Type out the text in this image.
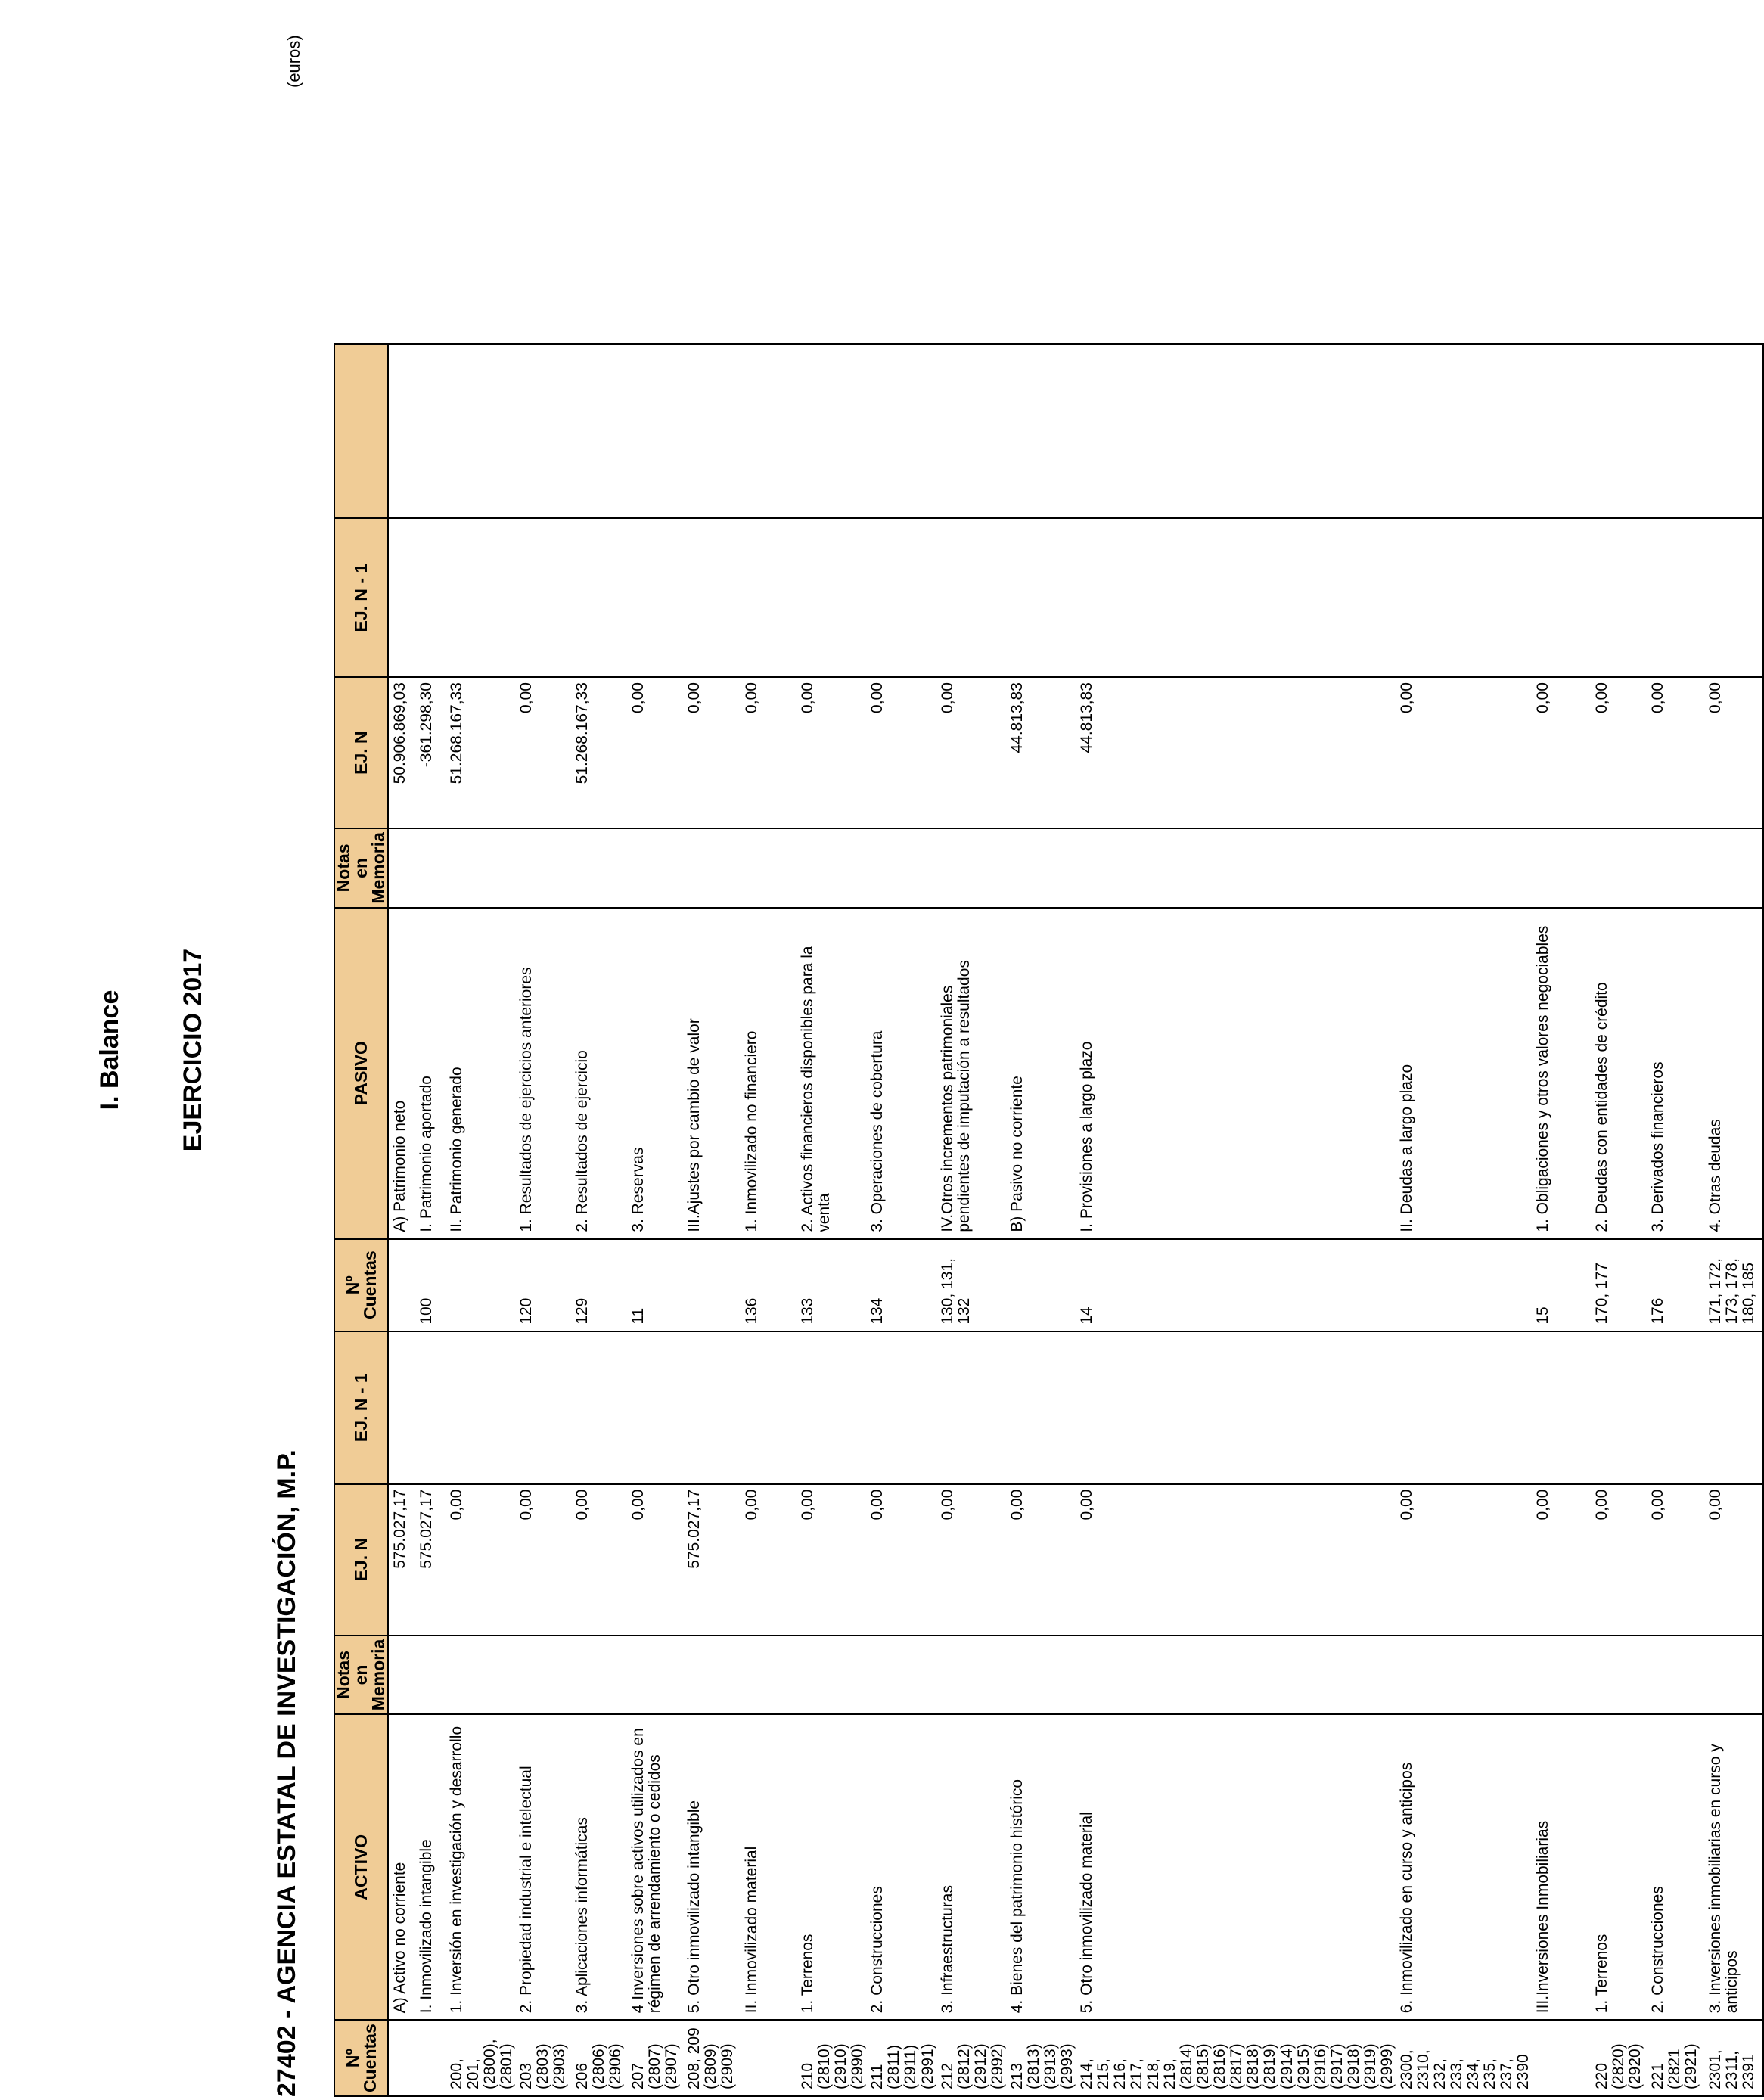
I. Balance EJERCICIO 2017
27402 - AGENCIA ESTATAL DE INVESTIGACIÓN, M.P.
(euros)
Nº Cuentas	ACTIVO	Notas en Memoria	EJ. N	EJ. N - 1	Nº Cuentas	PASIVO	Notas en Memoria	EJ. N	EJ. N - 1	
	A) Activo no corriente		575.027,17			A) Patrimonio neto		50.906.869,03		
	I. Inmovilizado intangible		575.027,17		100	I. Patrimonio aportado		-361.298,30		
200, 201, (2800), (2801)	1. Inversión en investigación y desarrollo		0,00			II. Patrimonio generado		51.268.167,33		
203 (2803) (2903)	2. Propiedad industrial e intelectual		0,00		120	1. Resultados de ejercicios anteriores		0,00		
206 (2806) (2906)	3. Aplicaciones informáticas		0,00		129	2. Resultados de ejercicio		51.268.167,33		
207 (2807) (2907)	4 Inversiones sobre activos utilizados en régimen de arrendamiento o cedidos		0,00		11	3. Reservas		0,00		
208, 209 (2809) (2909)	5. Otro inmovilizado intangible		575.027,17			III.Ajustes por cambio de valor		0,00		
	II. Inmovilizado material		0,00		136	1. Inmovilizado no financiero		0,00		
210 (2810) (2910) (2990)	1. Terrenos		0,00		133	2. Activos financieros disponibles para la venta		0,00		
211 (2811) (2911) (2991)	2. Construcciones		0,00		134	3. Operaciones de cobertura		0,00		
212 (2812) (2912) (2992)	3. Infraestructuras		0,00		130, 131, 132	IV.Otros incrementos patrimoniales pendientes de imputación a resultados		0,00		
213 (2813) (2913) (2993)	4. Bienes del patrimonio histórico		0,00			B) Pasivo no corriente		44.813,83		
214, 215, 216, 217, 218, 219, (2814) (2815) (2816) (2817) (2818) (2819) (2914) (2915) (2916) (2917) (2918) (2919) (2999)	5. Otro inmovilizado material		0,00		14	I. Provisiones a largo plazo		44.813,83		
2300, 2310, 232, 233, 234, 235, 237, 2390	6. Inmovilizado en curso y anticipos		0,00			II. Deudas a largo plazo		0,00		
	III.Inversiones Inmobiliarias		0,00		15	1. Obligaciones y otros valores negociables		0,00		
220 (2820) (2920)	1. Terrenos		0,00		170, 177	2. Deudas con entidades de crédito		0,00		
221 (2821 (2921)	2. Construcciones		0,00		176	3. Derivados financieros		0,00		
2301, 2311, 2391	3. Inversiones inmobiliarias en curso y anticipos		0,00		171, 172, 173, 178, 180, 185	4. Otras deudas		0,00		
